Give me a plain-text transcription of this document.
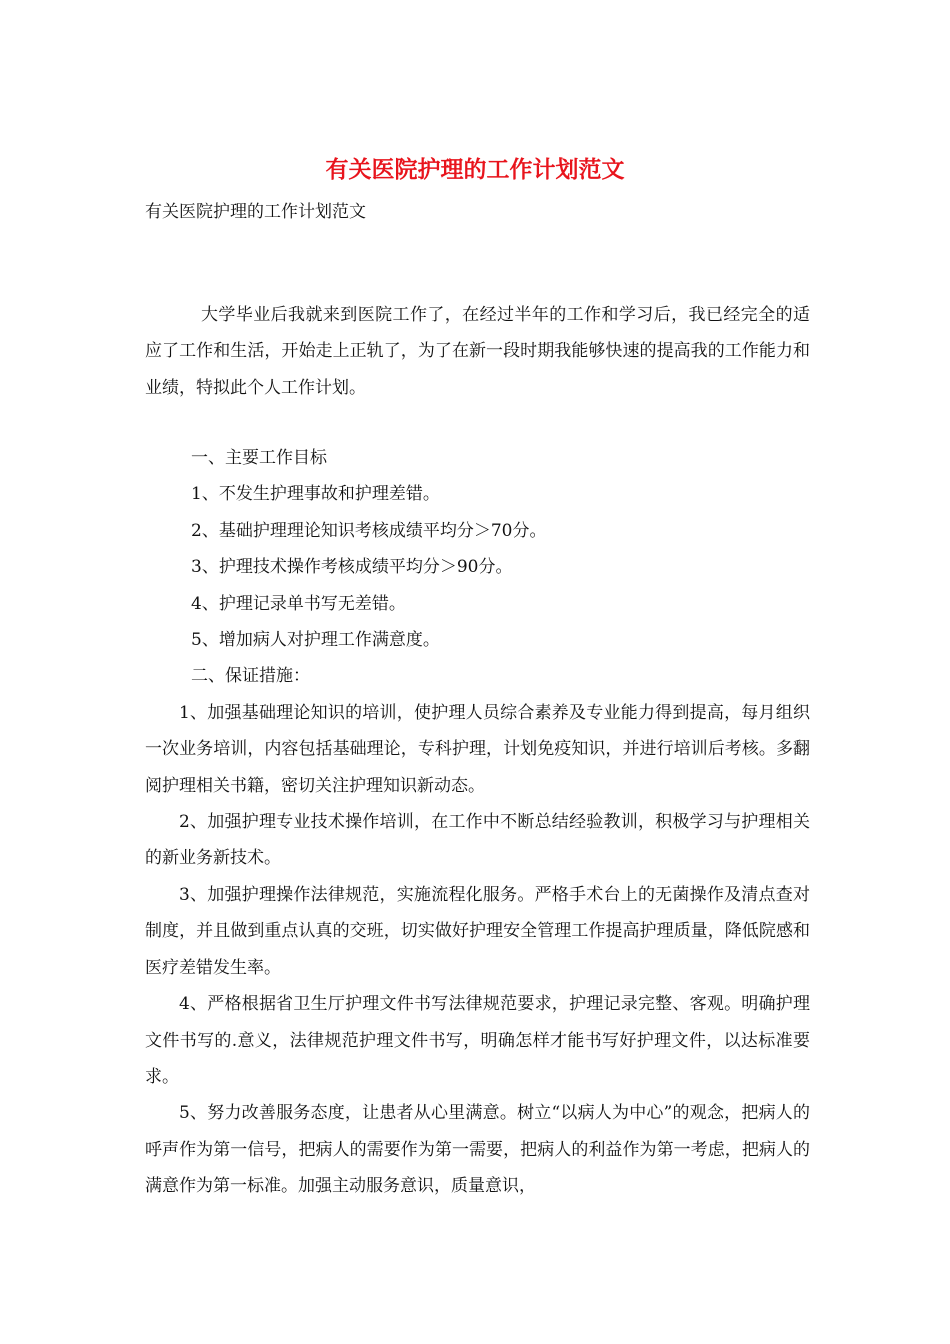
有关医院护理的工作计划范文

有关医院护理的工作计划范文

大学毕业后我就来到医院工作了，在经过半年的工作和学习后，我已经完全的适应了工作和生活，开始走上正轨了，为了在新一段时期我能够快速的提高我的工作能力和业绩，特拟此个人工作计划。

一、主要工作目标

1、不发生护理事故和护理差错。

2、基础护理理论知识考核成绩平均分＞70分。

3、护理技术操作考核成绩平均分＞90分。

4、护理记录单书写无差错。

5、增加病人对护理工作满意度。

二、保证措施：

1、加强基础理论知识的培训，使护理人员综合素养及专业能力得到提高，每月组织一次业务培训，内容包括基础理论，专科护理，计划免疫知识，并进行培训后考核。多翻阅护理相关书籍，密切关注护理知识新动态。

2、加强护理专业技术操作培训，在工作中不断总结经验教训，积极学习与护理相关的新业务新技术。

3、加强护理操作法律规范，实施流程化服务。严格手术台上的无菌操作及清点查对制度，并且做到重点认真的交班，切实做好护理安全管理工作提高护理质量，降低院感和医疗差错发生率。

4、严格根据省卫生厅护理文件书写法律规范要求，护理记录完整、客观。明确护理文件书写的.意义，法律规范护理文件书写，明确怎样才能书写好护理文件，以达标准要求。

5、努力改善服务态度，让患者从心里满意。树立“以病人为中心”的观念，把病人的呼声作为第一信号，把病人的需要作为第一需要，把病人的利益作为第一考虑，把病人的满意作为第一标准。加强主动服务意识，质量意识，
